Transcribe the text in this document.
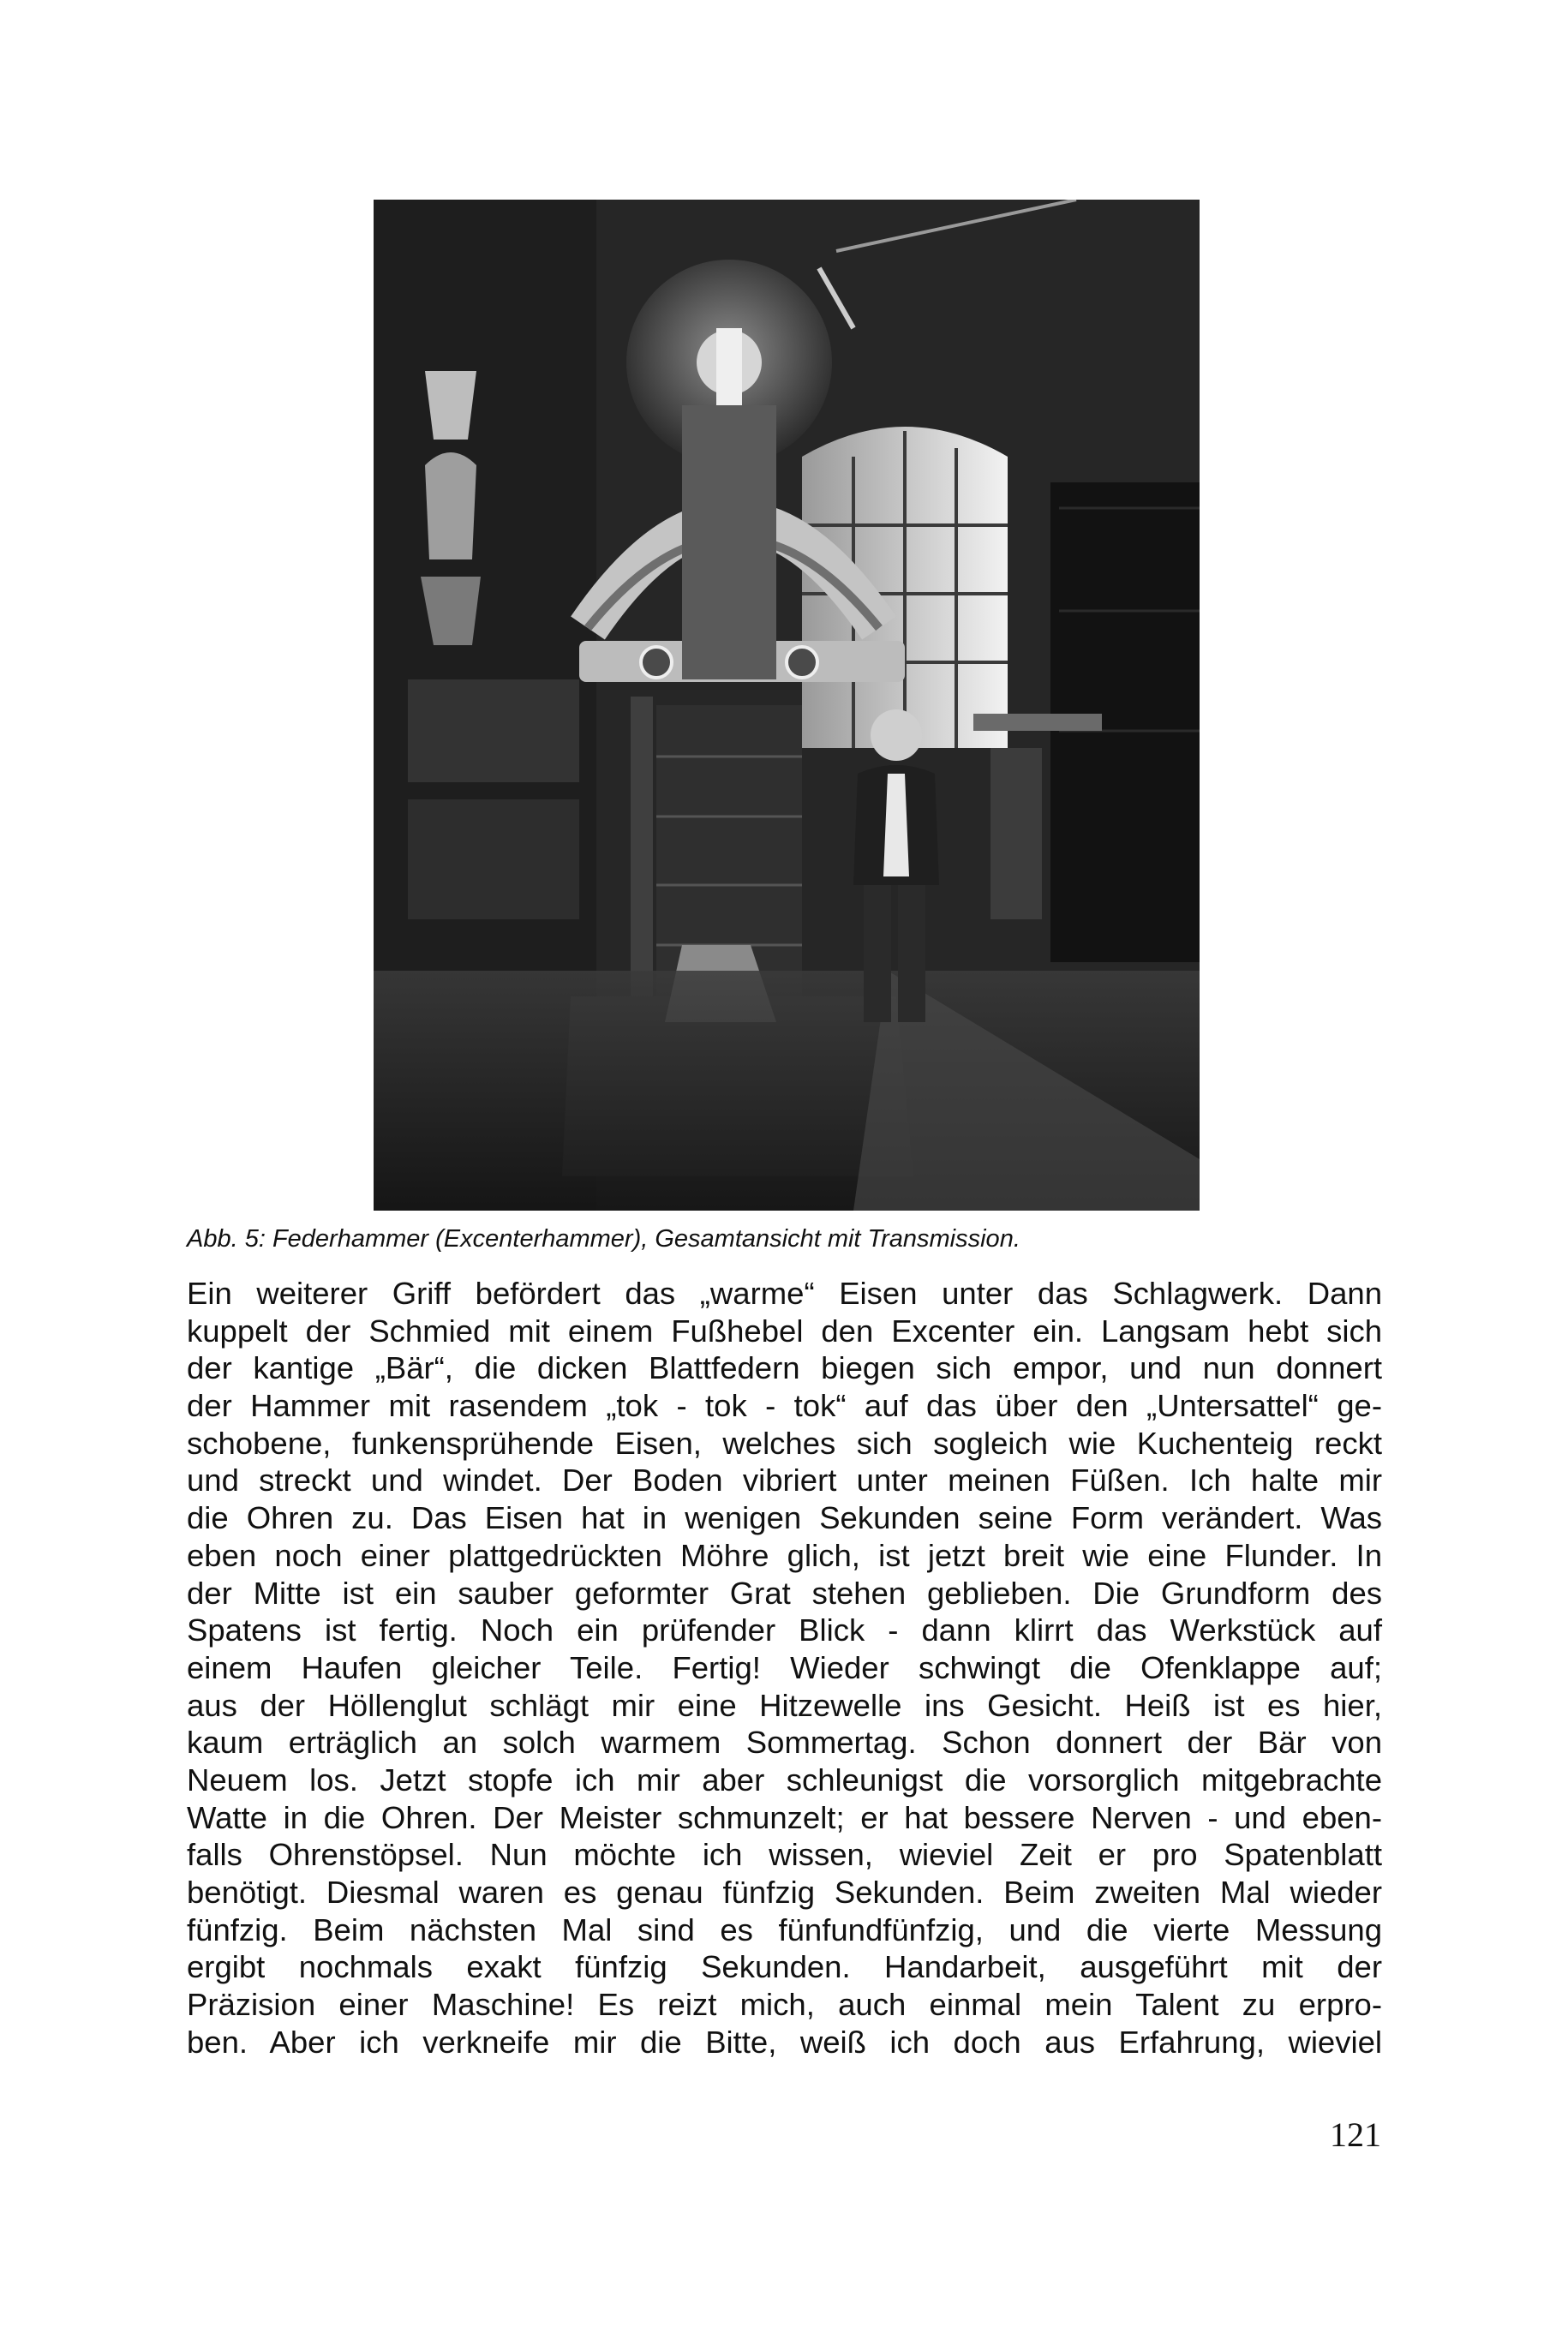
Abb. 5: Federhammer (Excenterhammer), Gesamtansicht mit Transmission.
Ein weiterer Griff befördert das „warme“ Eisen unter das Schlagwerk. Dann
kuppelt der Schmied mit einem Fußhebel den Excenter ein. Langsam hebt sich
der kantige „Bär“, die dicken Blattfedern biegen sich empor, und nun donnert
der Hammer mit rasendem „tok - tok - tok“ auf das über den „Untersattel“ ge-
schobene, funkensprühende Eisen, welches sich sogleich wie Kuchenteig reckt
und streckt und windet. Der Boden vibriert unter meinen Füßen. Ich halte mir
die Ohren zu. Das Eisen hat in wenigen Sekunden seine Form verändert. Was
eben noch einer plattgedrückten Möhre glich, ist jetzt breit wie eine Flunder. In
der Mitte ist ein sauber geformter Grat stehen geblieben. Die Grundform des
Spatens ist fertig. Noch ein prüfender Blick - dann klirrt das Werkstück auf
einem Haufen gleicher Teile. Fertig! Wieder schwingt die Ofenklappe auf;
aus der Höllenglut schlägt mir eine Hitzewelle ins Gesicht. Heiß ist es hier,
kaum erträglich an solch warmem Sommertag. Schon donnert der Bär von
Neuem los. Jetzt stopfe ich mir aber schleunigst die vorsorglich mitgebrachte
Watte in die Ohren. Der Meister schmunzelt; er hat bessere Nerven - und eben-
falls Ohrenstöpsel. Nun möchte ich wissen, wieviel Zeit er pro Spatenblatt
benötigt. Diesmal waren es genau fünfzig Sekunden. Beim zweiten Mal wieder
fünfzig. Beim nächsten Mal sind es fünfundfünfzig, und die vierte Messung
ergibt nochmals exakt fünfzig Sekunden. Handarbeit, ausgeführt mit der
Präzision einer Maschine! Es reizt mich, auch einmal mein Talent zu erpro-
ben. Aber ich verkneife mir die Bitte, weiß ich doch aus Erfahrung, wieviel
121
